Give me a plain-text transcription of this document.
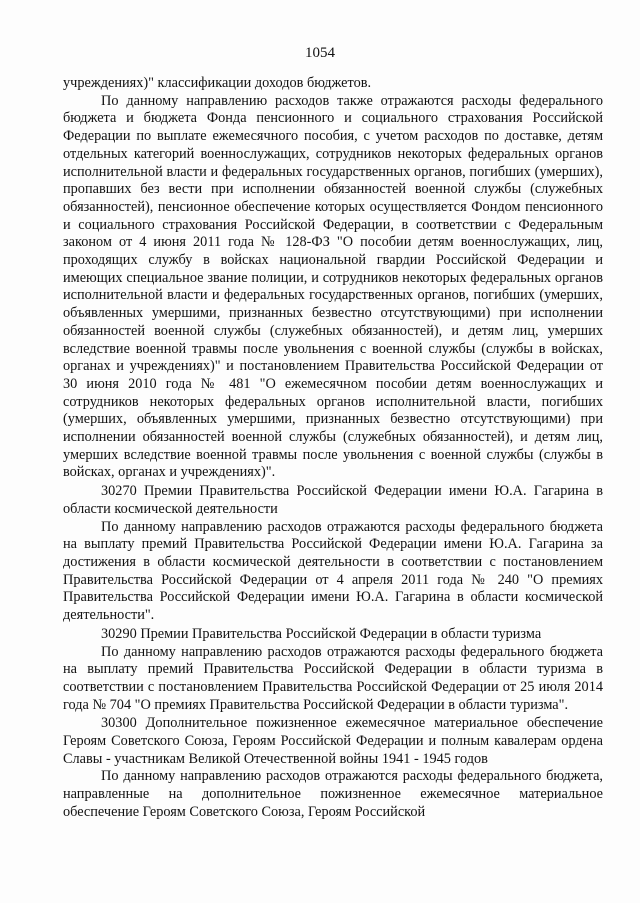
1054

учреждениях)" классификации доходов бюджетов.

По данному направлению расходов также отражаются расходы федерального бюджета и бюджета Фонда пенсионного и социального страхования Российской Федерации по выплате ежемесячного пособия, с учетом расходов по доставке, детям отдельных категорий военнослужащих, сотрудников некоторых федеральных органов исполнительной власти и федеральных государственных органов, погибших (умерших), пропавших без вести при исполнении обязанностей военной службы (служебных обязанностей), пенсионное обеспечение которых осуществляется Фондом пенсионного и социального страхования Российской Федерации, в соответствии с Федеральным законом от 4 июня 2011 года № 128-ФЗ "О пособии детям военнослужащих, лиц, проходящих службу в войсках национальной гвардии Российской Федерации и имеющих специальное звание полиции, и сотрудников некоторых федеральных органов исполнительной власти и федеральных государственных органов, погибших (умерших, объявленных умершими, признанных безвестно отсутствующими) при исполнении обязанностей военной службы (служебных обязанностей), и детям лиц, умерших вследствие военной травмы после увольнения с военной службы (службы в войсках, органах и учреждениях)" и постановлением Правительства Российской Федерации от 30 июня 2010 года № 481 "О ежемесячном пособии детям военнослужащих и сотрудников некоторых федеральных органов исполнительной власти, погибших (умерших, объявленных умершими, признанных безвестно отсутствующими) при исполнении обязанностей военной службы (служебных обязанностей), и детям лиц, умерших вследствие военной травмы после увольнения с военной службы (службы в войсках, органах и учреждениях)".

30270 Премии Правительства Российской Федерации имени Ю.А. Гагарина в области космической деятельности

По данному направлению расходов отражаются расходы федерального бюджета на выплату премий Правительства Российской Федерации имени Ю.А. Гагарина за достижения в области космической деятельности в соответствии с постановлением Правительства Российской Федерации от 4 апреля 2011 года № 240 "О премиях Правительства Российской Федерации имени Ю.А. Гагарина в области космической деятельности".

30290 Премии Правительства Российской Федерации в области туризма

По данному направлению расходов отражаются расходы федерального бюджета на выплату премий Правительства Российской Федерации в области туризма в соответствии с постановлением Правительства Российской Федерации от 25 июля 2014 года № 704 "О премиях Правительства Российской Федерации в области туризма".

30300 Дополнительное пожизненное ежемесячное материальное обеспечение Героям Советского Союза, Героям Российской Федерации и полным кавалерам ордена Славы - участникам Великой Отечественной войны 1941 - 1945 годов

По данному направлению расходов отражаются расходы федерального бюджета, направленные на дополнительное пожизненное ежемесячное материальное обеспечение Героям Советского Союза, Героям Российской
